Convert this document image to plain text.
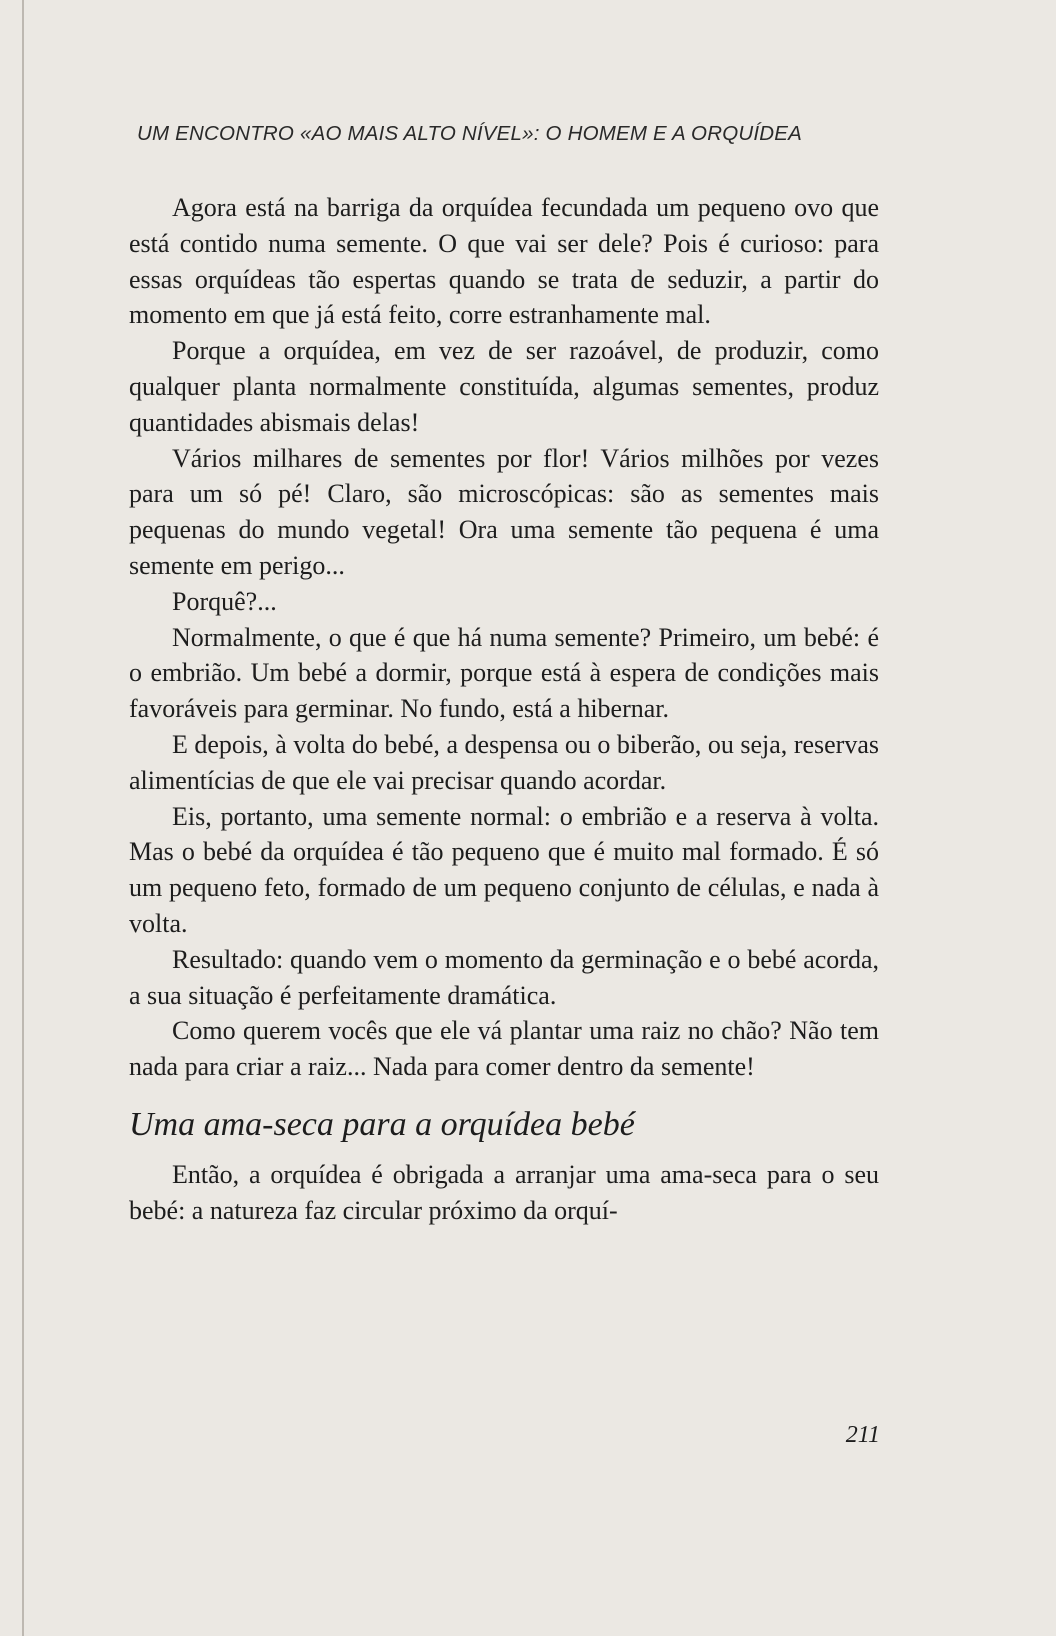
UM ENCONTRO «AO MAIS ALTO NÍVEL»: O HOMEM E A ORQUÍDEA

Agora está na barriga da orquídea fecundada um pequeno ovo que está contido numa semente. O que vai ser dele? Pois é curioso: para essas orquídeas tão espertas quando se trata de seduzir, a partir do momento em que já está feito, corre estranhamente mal.

Porque a orquídea, em vez de ser razoável, de produzir, como qualquer planta normalmente constituída, algumas sementes, produz quantidades abismais delas!

Vários milhares de sementes por flor! Vários milhões por vezes para um só pé! Claro, são microscópicas: são as sementes mais pequenas do mundo vegetal! Ora uma semente tão pequena é uma semente em perigo...

Porquê?...

Normalmente, o que é que há numa semente? Primeiro, um bebé: é o embrião. Um bebé a dormir, porque está à espera de condições mais favoráveis para germinar. No fundo, está a hibernar.

E depois, à volta do bebé, a despensa ou o biberão, ou seja, reservas alimentícias de que ele vai precisar quando acordar.

Eis, portanto, uma semente normal: o embrião e a reserva à volta. Mas o bebé da orquídea é tão pequeno que é muito mal formado. É só um pequeno feto, formado de um pequeno conjunto de células, e nada à volta.

Resultado: quando vem o momento da germinação e o bebé acorda, a sua situação é perfeitamente dramática.

Como querem vocês que ele vá plantar uma raiz no chão? Não tem nada para criar a raiz... Nada para comer dentro da semente!

Uma ama-seca para a orquídea bebé

Então, a orquídea é obrigada a arranjar uma ama-seca para o seu bebé: a natureza faz circular próximo da orquí-

211
